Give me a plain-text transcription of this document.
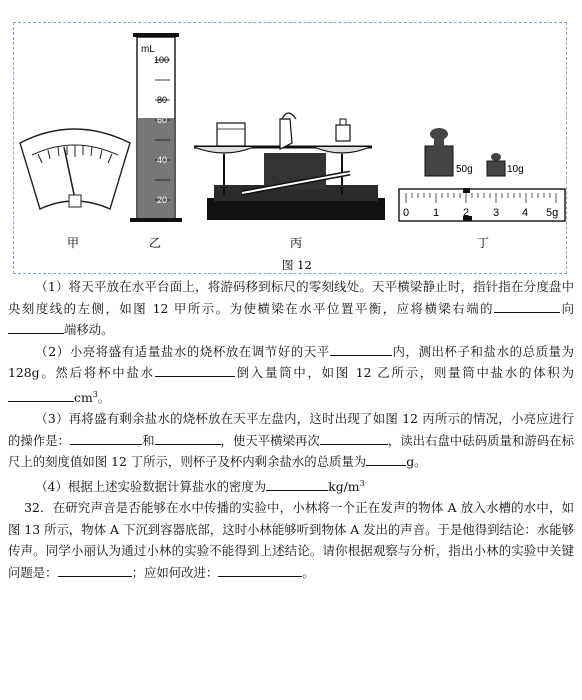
mL
100
80
60
40
20
50g	10g
0 1 2 3 4 5g
甲	乙	丙	丁
图 12

（1）将天平放在水平台面上，将游码移到标尺的零刻线处。天平横梁静止时，指针指在分度盘中央刻度线的左侧，如图 12 甲所示。为使横梁在水平位置平衡，应将横梁右端的	向端移动。

（2）小亮将盛有适量盐水的烧杯放在调节好的天平	内，测出杯子和盐水的总质量为 128g。然后将杯中盐水	倒入量筒中，如图 12 乙所示，则量筒中盐水的体积为$cm^3$。

（3）再将盛有剩余盐水的烧杯放在天平左盘内，这时出现了如图 12 丙所示的情况，小亮应进行的操作是：	和	，使天平横梁再次	，读出右盘中砝码质量和游码在标尺上的刻度值如图 12 丁所示，则杯子及杯内剩余盐水的总质量为	g。

（4）根据上述实验数据计算盐水的密度为	$kg/m^3$

32．在研究声音是否能够在水中传播的实验中，小林将一个正在发声的物体 A 放入水槽的水中，如图 13 所示，物体 A 下沉到容器底部，这时小林能够听到物体 A 发出的声音。于是他得到结论：水能够传声。同学小丽认为通过小林的实验不能得到上述结论。请你根据观察与分析，指出小林的实验中关键问题是：	；应如何改进：	。
